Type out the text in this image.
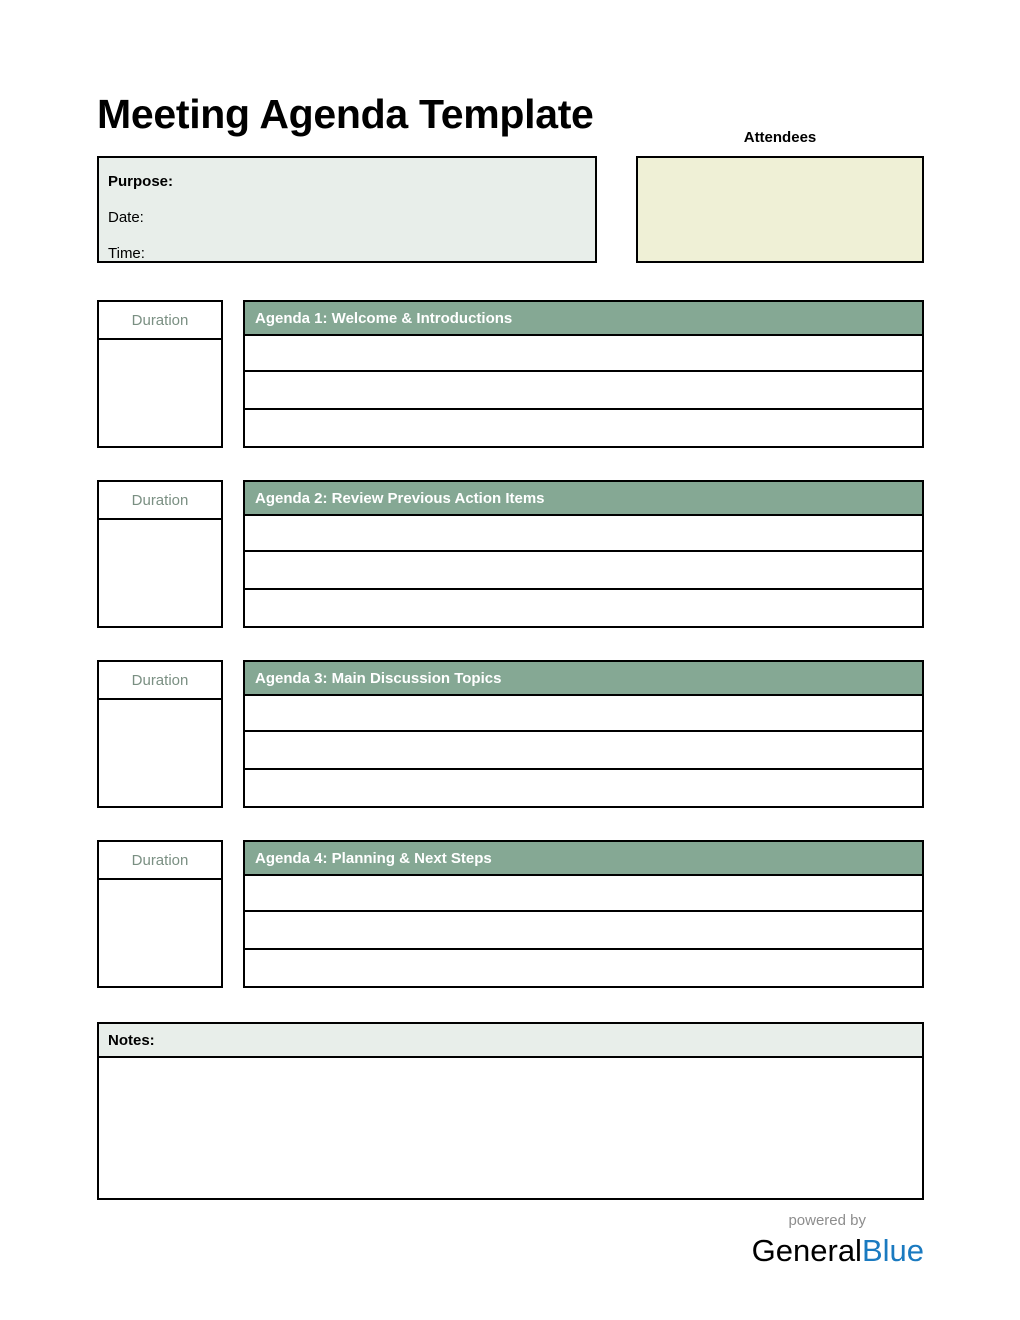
Meeting Agenda Template
Purpose:
Date:
Time:
Attendees
Duration	Agenda 1: Welcome & Introductions
Duration	Agenda 2: Review Previous Action Items
Duration	Agenda 3: Main Discussion Topics
Duration	Agenda 4: Planning & Next Steps
Notes:
powered by
GeneralBlue
